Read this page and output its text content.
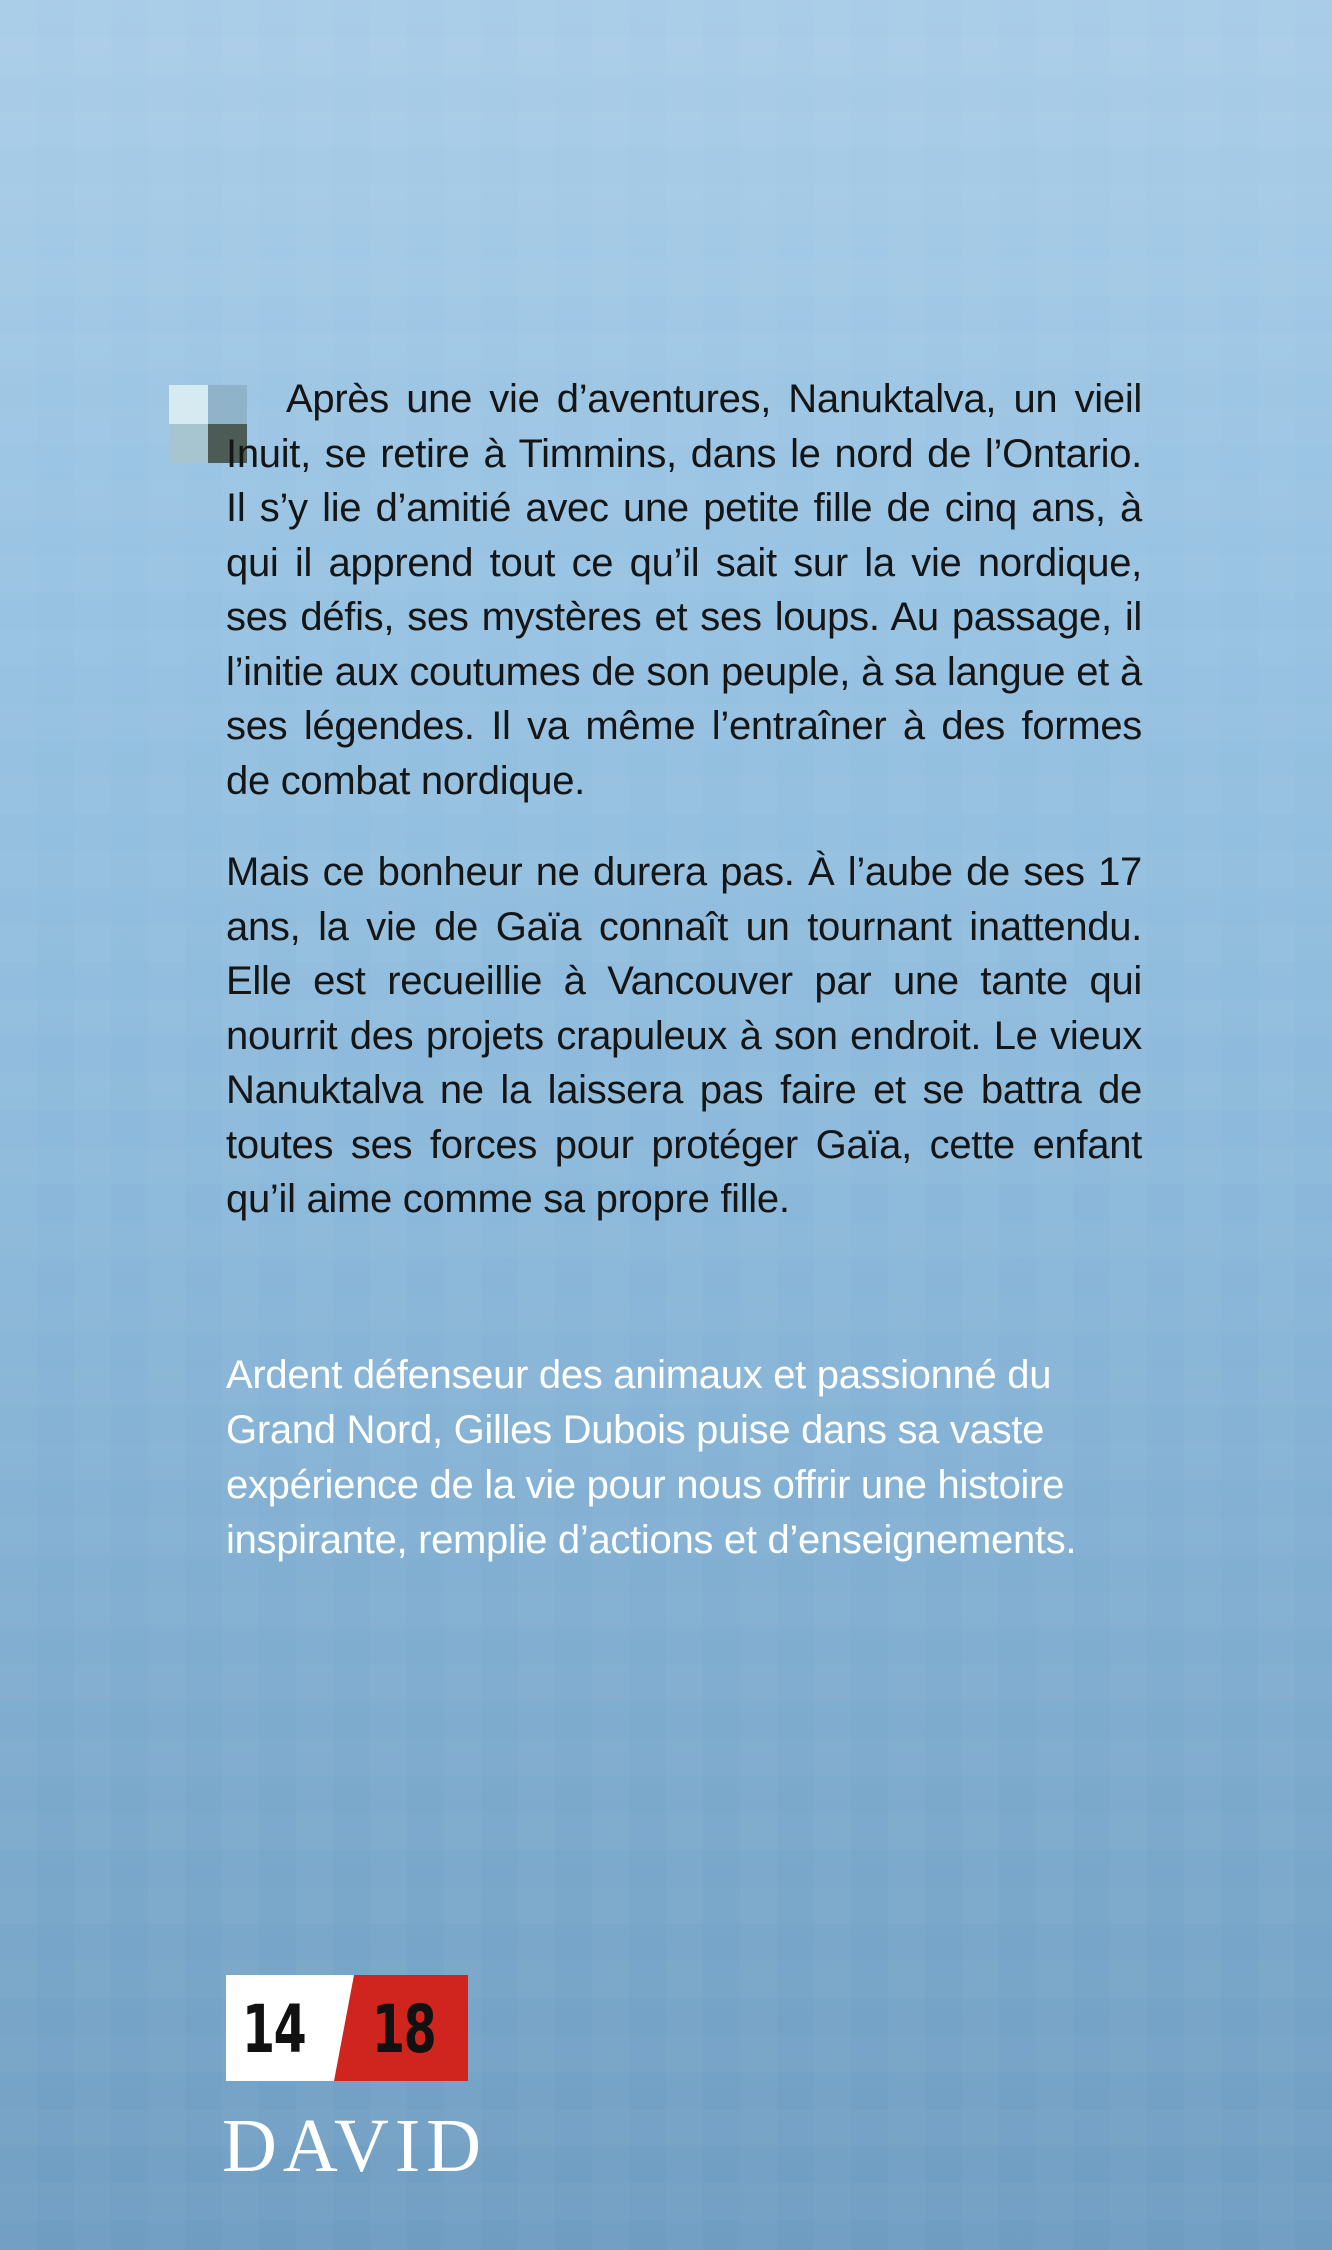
Après une vie d’aventures, Nanuktalva, un vieil Inuit, se retire à Timmins, dans le nord de l’Ontario. Il s’y lie d’amitié avec une petite fille de cinq ans, à qui il apprend tout ce qu’il sait sur la vie nordique, ses défis, ses mystères et ses loups. Au passage, il l’initie aux coutumes de son peuple, à sa langue et à ses légendes. Il va même l’entraîner à des formes de combat nordique.

Mais ce bonheur ne durera pas. À l’aube de ses 17 ans, la vie de Gaïa connaît un tournant inattendu. Elle est recueillie à Vancouver par une tante qui nourrit des projets crapuleux à son endroit. Le vieux Nanuktalva ne la laissera pas faire et se battra de toutes ses forces pour protéger Gaïa, cette enfant qu’il aime comme sa propre fille.

Ardent défenseur des animaux et passionné du Grand Nord, Gilles Dubois puise dans sa vaste expérience de la vie pour nous offrir une histoire inspirante, remplie d’actions et d’enseignements.

14 18

DAVID
